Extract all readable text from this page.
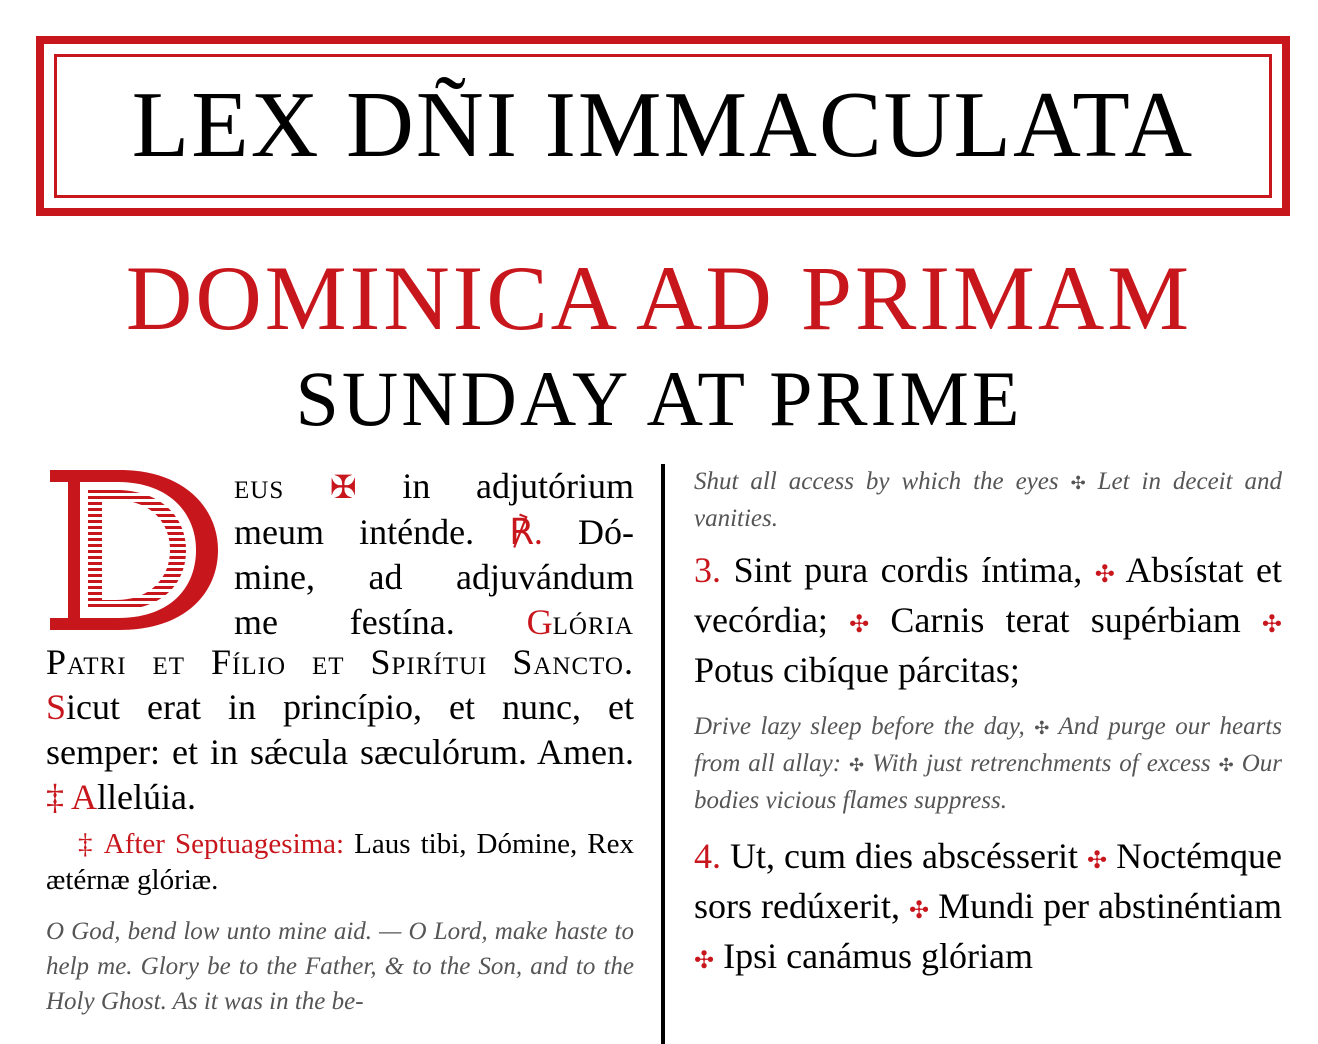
LEX DÑI IMMACULATA
DOMINICA AD PRIMAM
SUNDAY AT PRIME
eus ✠ in adjutórium
meum inténde. ℟. Dó-
mine, ad adjuvándum
me festína. Glória

Patri et Fílio et Spirítui Sancto. Sicut erat in princípio, et nunc, et semper: et in sǽcula sæculórum. Amen. ‡ Allelúia.

‡ After Septuagesima: Laus tibi, Dómine, Rex ætérnæ glóriæ.

O God, bend low unto mine aid. — O Lord, make haste to help me. Glory be to the Father, & to the Son, and to the Holy Ghost. As it was in the be-

Shut all access by which the eyes ✣ Let in deceit and vanities.

3. Sint pura cordis íntima, ✣ Absístat et vecórdia; ✣ Carnis terat supérbiam ✣ Potus cibíque párcitas;

Drive lazy sleep before the day, ✣ And purge our hearts from all allay: ✣ With just retrenchments of excess ✣ Our bodies vicious flames suppress.

4. Ut, cum dies abscésserit ✣ Noctémque sors redúxerit, ✣ Mundi per abstinéntiam ✣ Ipsi canámus glóriam
